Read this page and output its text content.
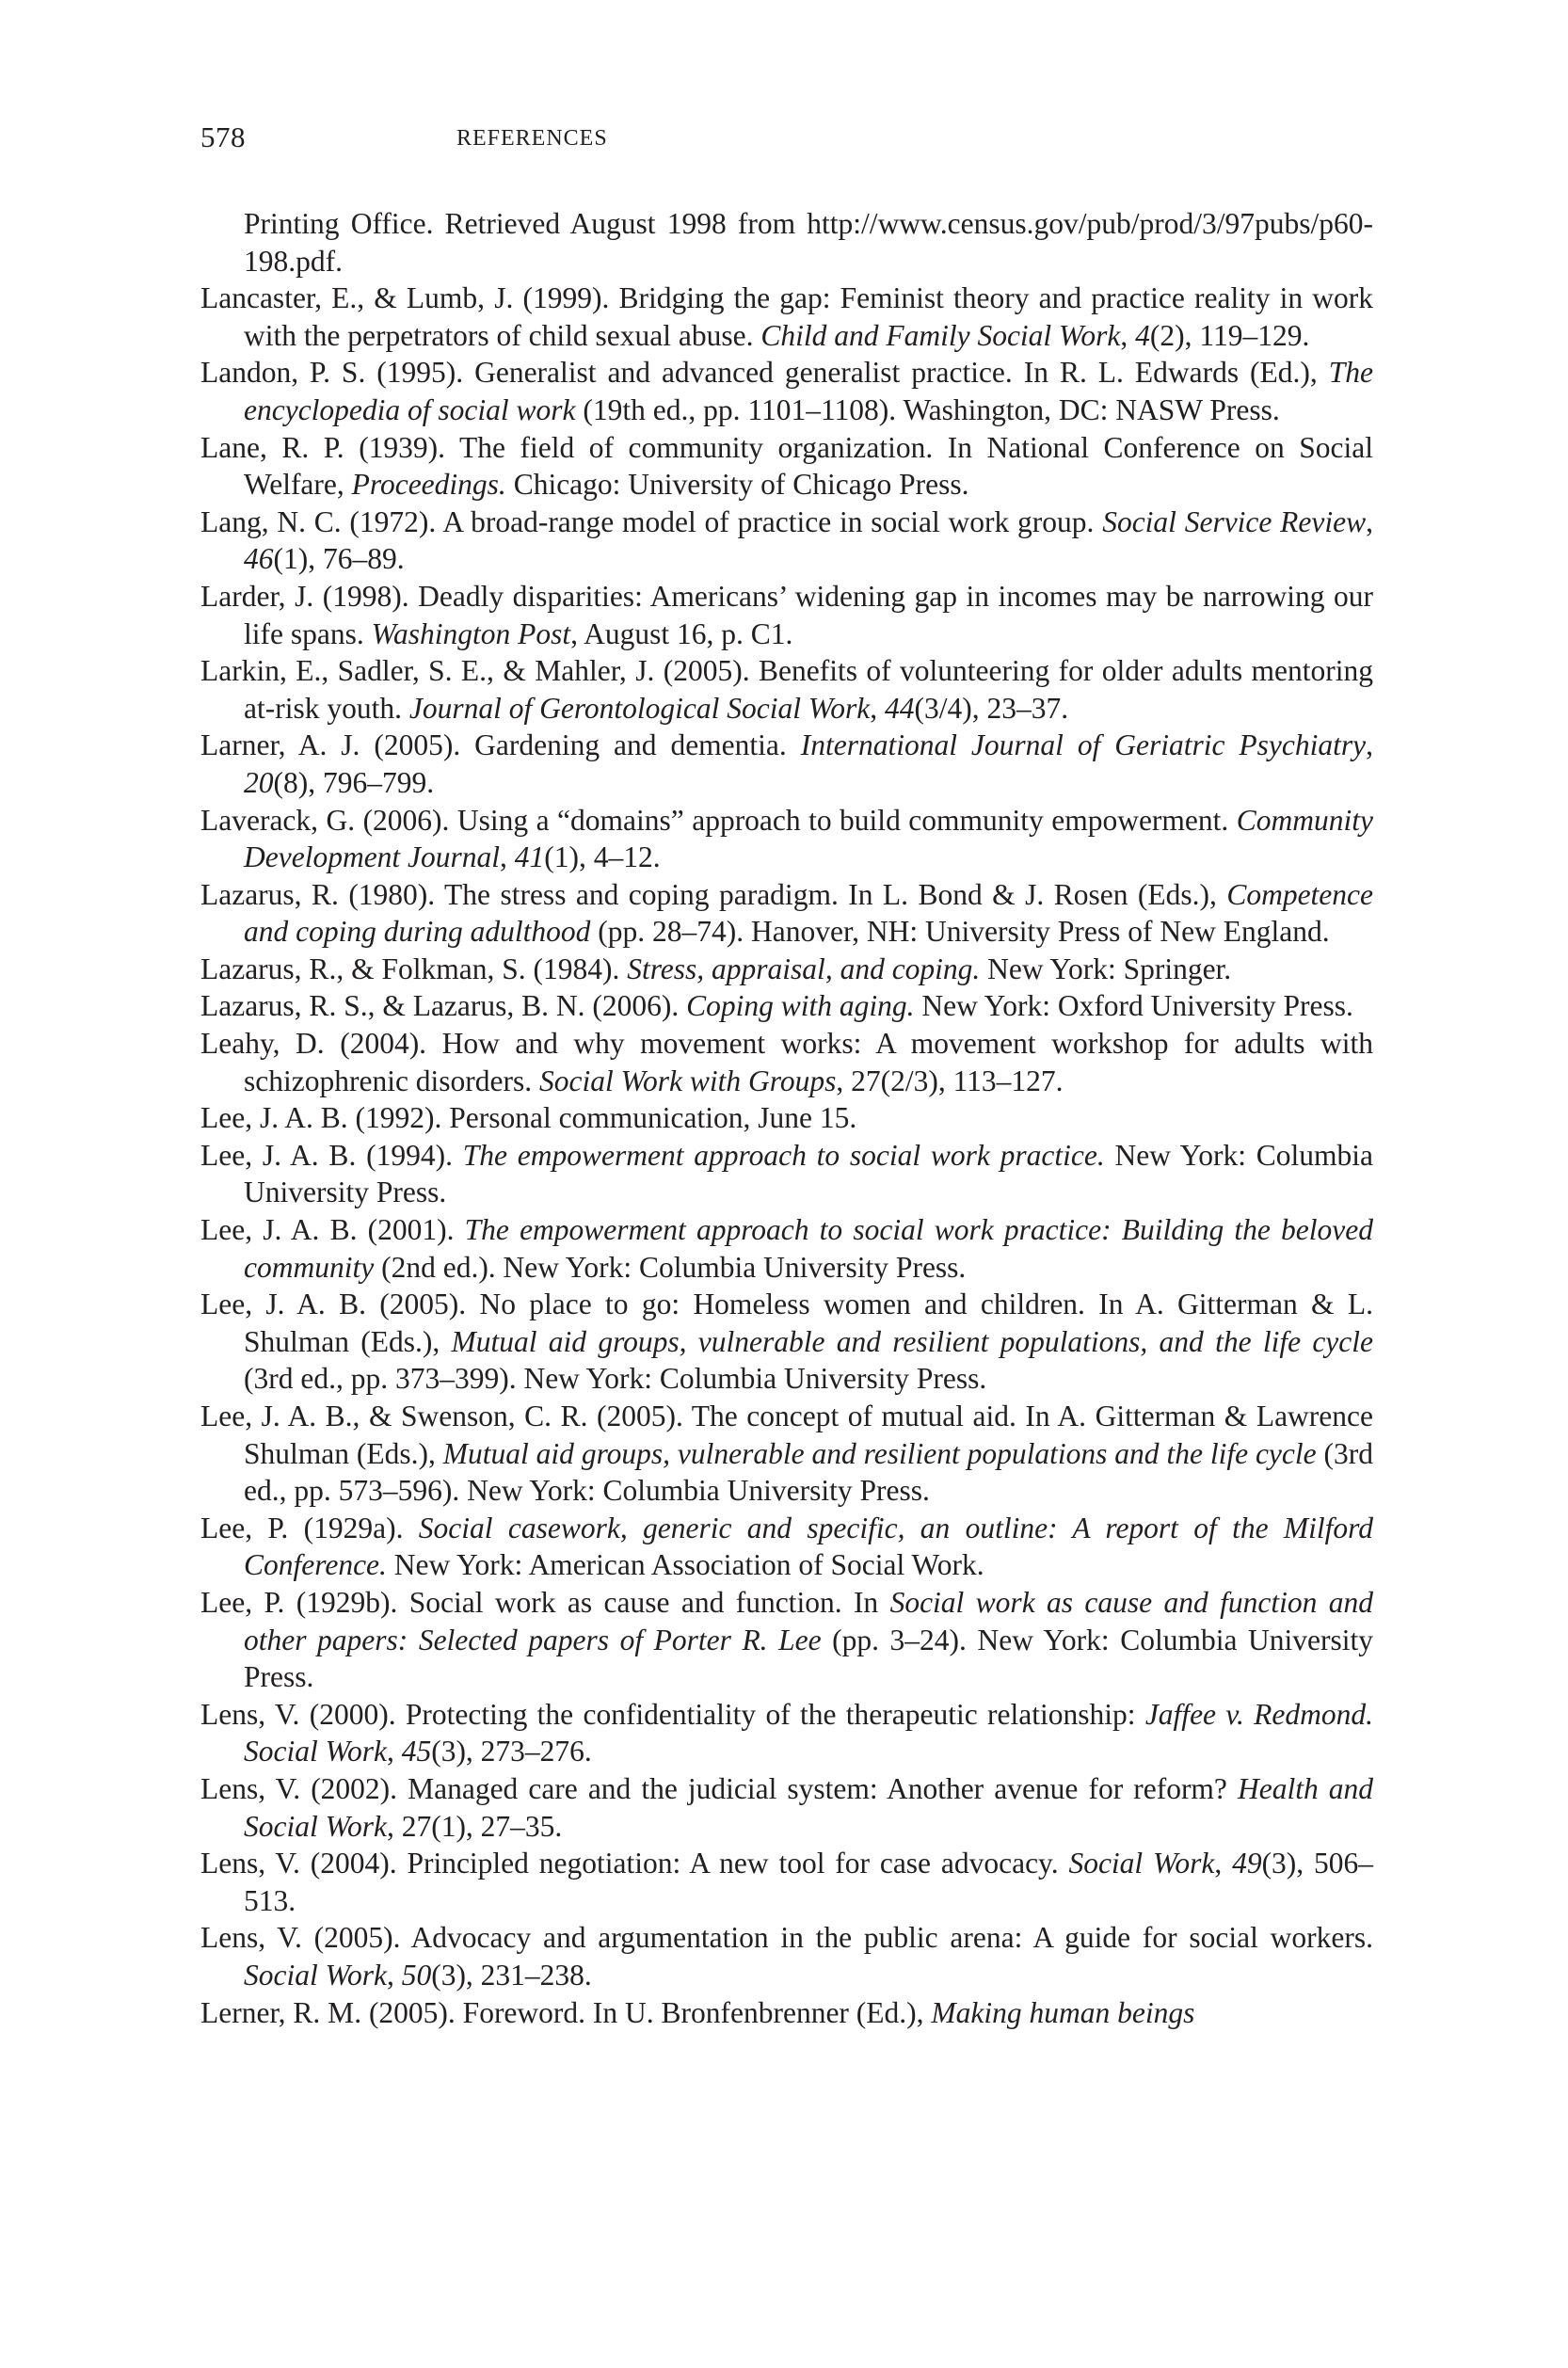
578	REFERENCES

Printing Office. Retrieved August 1998 from http://www.census.gov/pub/prod/3/97pubs/p60-198.pdf.

Lancaster, E., & Lumb, J. (1999). Bridging the gap: Feminist theory and practice reality in work with the perpetrators of child sexual abuse. Child and Family Social Work, 4(2), 119–129.

Landon, P. S. (1995). Generalist and advanced generalist practice. In R. L. Edwards (Ed.), The encyclopedia of social work (19th ed., pp. 1101–1108). Washington, DC: NASW Press.

Lane, R. P. (1939). The field of community organization. In National Conference on Social Welfare, Proceedings. Chicago: University of Chicago Press.

Lang, N. C. (1972). A broad-range model of practice in social work group. Social Service Review, 46(1), 76–89.

Larder, J. (1998). Deadly disparities: Americans’ widening gap in incomes may be narrowing our life spans. Washington Post, August 16, p. C1.

Larkin, E., Sadler, S. E., & Mahler, J. (2005). Benefits of volunteering for older adults mentoring at-risk youth. Journal of Gerontological Social Work, 44(3/4), 23–37.

Larner, A. J. (2005). Gardening and dementia. International Journal of Geriatric Psychiatry, 20(8), 796–799.

Laverack, G. (2006). Using a “domains” approach to build community empowerment. Community Development Journal, 41(1), 4–12.

Lazarus, R. (1980). The stress and coping paradigm. In L. Bond & J. Rosen (Eds.), Competence and coping during adulthood (pp. 28–74). Hanover, NH: University Press of New England.

Lazarus, R., & Folkman, S. (1984). Stress, appraisal, and coping. New York: Springer.

Lazarus, R. S., & Lazarus, B. N. (2006). Coping with aging. New York: Oxford University Press.

Leahy, D. (2004). How and why movement works: A movement workshop for adults with schizophrenic disorders. Social Work with Groups, 27(2/3), 113–127.

Lee, J. A. B. (1992). Personal communication, June 15.

Lee, J. A. B. (1994). The empowerment approach to social work practice. New York: Columbia University Press.

Lee, J. A. B. (2001). The empowerment approach to social work practice: Building the beloved community (2nd ed.). New York: Columbia University Press.

Lee, J. A. B. (2005). No place to go: Homeless women and children. In A. Gitterman & L. Shulman (Eds.), Mutual aid groups, vulnerable and resilient populations, and the life cycle (3rd ed., pp. 373–399). New York: Columbia University Press.

Lee, J. A. B., & Swenson, C. R. (2005). The concept of mutual aid. In A. Gitterman & Lawrence Shulman (Eds.), Mutual aid groups, vulnerable and resilient populations and the life cycle (3rd ed., pp. 573–596). New York: Columbia University Press.

Lee, P. (1929a). Social casework, generic and specific, an outline: A report of the Milford Conference. New York: American Association of Social Work.

Lee, P. (1929b). Social work as cause and function. In Social work as cause and function and other papers: Selected papers of Porter R. Lee (pp. 3–24). New York: Columbia University Press.

Lens, V. (2000). Protecting the confidentiality of the therapeutic relationship: Jaffee v. Redmond. Social Work, 45(3), 273–276.

Lens, V. (2002). Managed care and the judicial system: Another avenue for reform? Health and Social Work, 27(1), 27–35.

Lens, V. (2004). Principled negotiation: A new tool for case advocacy. Social Work, 49(3), 506–513.

Lens, V. (2005). Advocacy and argumentation in the public arena: A guide for social workers. Social Work, 50(3), 231–238.

Lerner, R. M. (2005). Foreword. In U. Bronfenbrenner (Ed.), Making human beings
